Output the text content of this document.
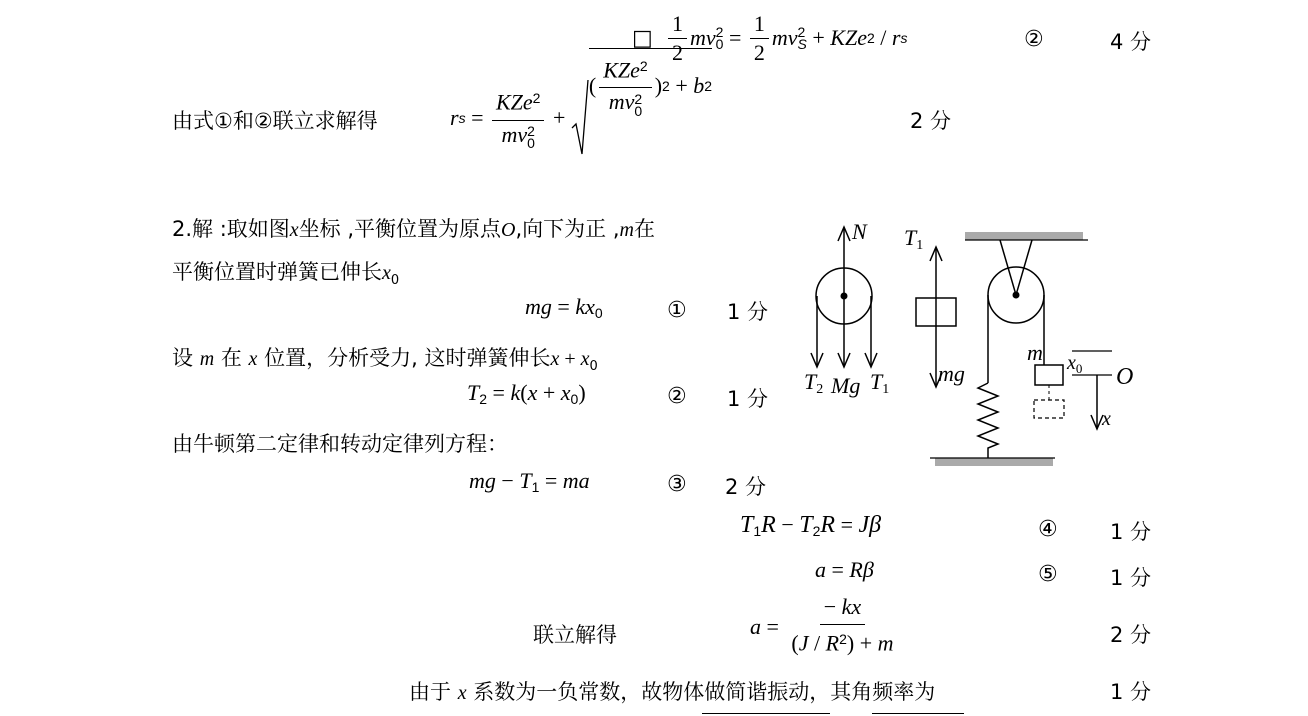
□ $\frac{1}{2}$ mv 2
$0 = \frac{1}{2}$ mv 2
S + KZe 2 / r s	②	4 分
由式①和②联立求解得	r s = KZe$^2$
mv 2
0 +
( KZe$^2$
mv 2
0 ) 2 + b 2
2 分
2.解 :取如图x坐标 ,平衡位置为原点O,向下为正 ,m在
平衡位置时弹簧已伸长$x_0$
mg = $kx_0$	① 1 分
设 m 在 x 位置，分析受力, 这时弹簧伸长$x + x_0$
$T_2 = k(x + x_0)$	② 1 分
由牛顿第二定律和转动定律列方程：
mg − $T_1$ = ma	③ 2 分
$T_1R - T_2R = J\beta$	④ 1 分
a = Rβ	⑤ 1 分
联立解得	$a = \frac{- kx}{(J / R^2) + m}$	2 分
由于 x 系数为一负常数，故物体做简谐振动，其角频率为	1 分
N
T2 Mg T1
T1
mg
m $x_0$ O
x
